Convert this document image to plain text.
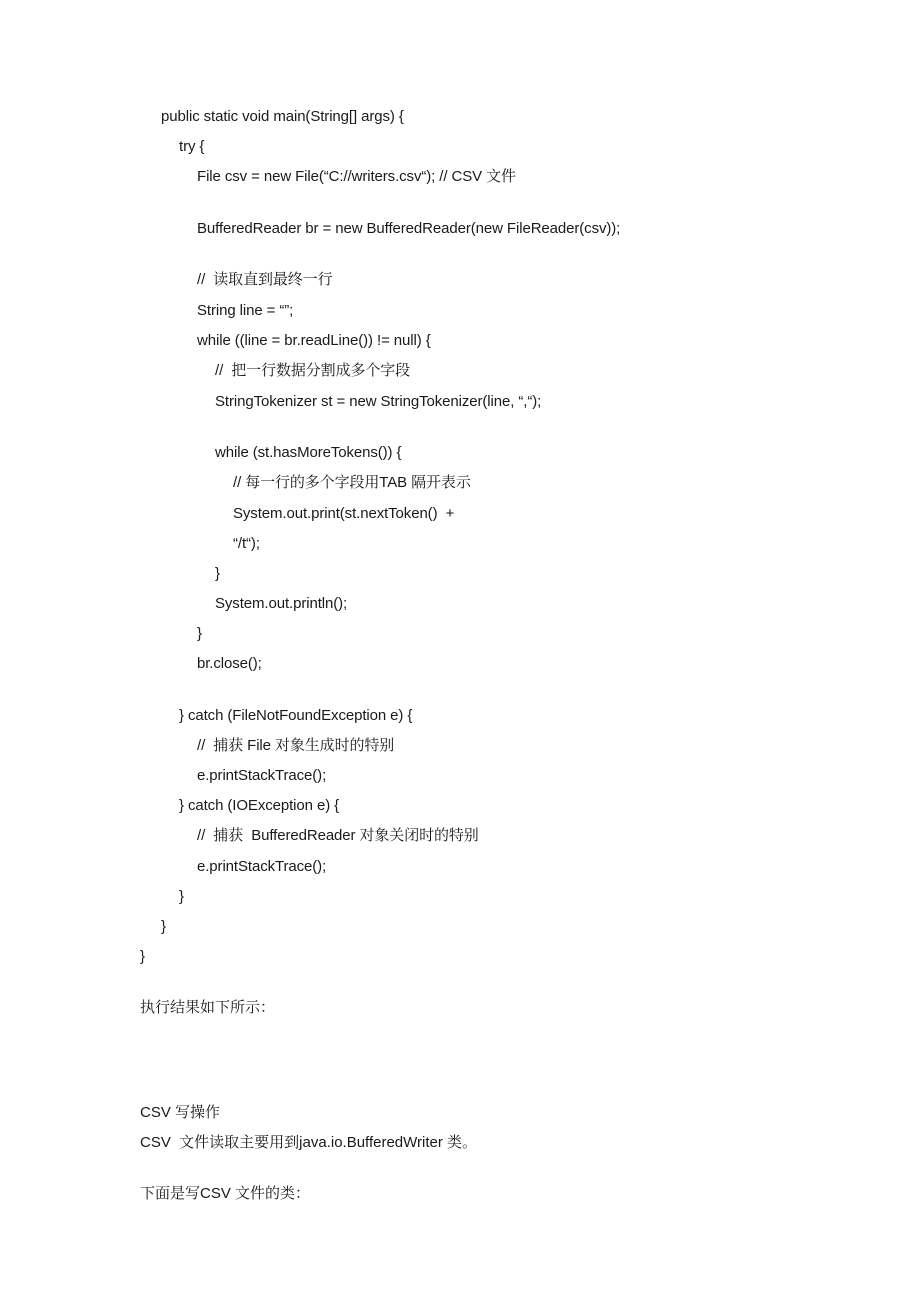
public static void main(String[] args) {
try {
File csv = new File(“C://writers.csv“); // CSV 文件
BufferedReader br = new BufferedReader(new FileReader(csv));
//  读取直到最终一行
String line = “”;
while ((line = br.readLine()) != null) {
//  把一行数据分割成多个字段
StringTokenizer st = new StringTokenizer(line, “,“);
while (st.hasMoreTokens()) {
// 每一行的多个字段用TAB 隔开表示
System.out.print(st.nextToken()  +
“/t“);
}
System.out.println();
}
br.close();
} catch (FileNotFoundException e) {
//  捕获 File 对象生成时的特别
e.printStackTrace();
} catch (IOException e) {
//  捕获  BufferedReader 对象关闭时的特别
e.printStackTrace();
}
}
}
执行结果如下所示：
CSV 写操作
CSV  文件读取主要用到java.io.BufferedWriter 类。
下面是写CSV 文件的类：
